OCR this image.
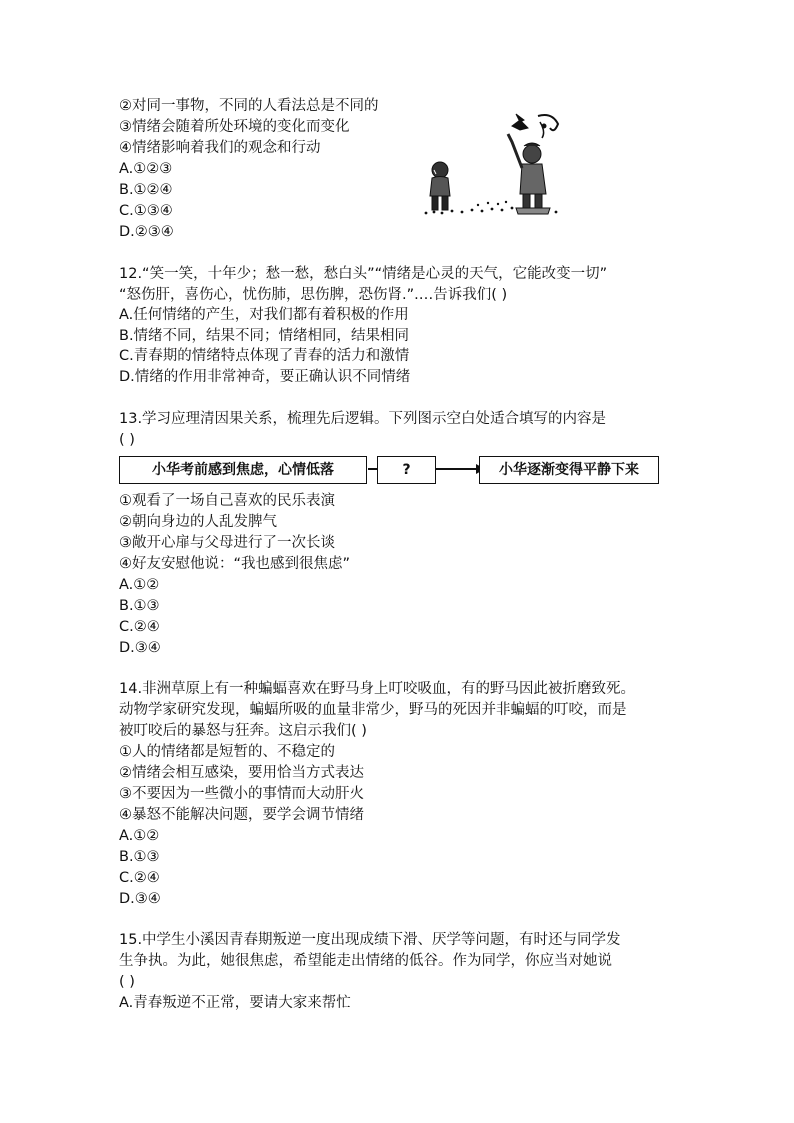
②对同一事物，不同的人看法总是不同的
③情绪会随着所处环境的变化而变化
④情绪影响着我们的观念和行动
A.①②③
B.①②④
C.①③④
D.②③④
12.“笑一笑，十年少；愁一愁，愁白头”“情绪是心灵的天气，它能改变一切”
“怒伤肝，喜伤心，忧伤肺，思伤脾，恐伤肾.”.…告诉我们( )
A.任何情绪的产生，对我们都有着积极的作用
B.情绪不同，结果不同；情绪相同，结果相同
C.青春期的情绪特点体现了青春的活力和激情
D.情绪的作用非常神奇，要正确认识不同情绪
13.学习应理清因果关系，梳理先后逻辑。下列图示空白处适合填写的内容是
( )
小华考前感到焦虑，心情低落	?	小华逐渐变得平静下来
①观看了一场自己喜欢的民乐表演
②朝向身边的人乱发脾气
③敞开心扉与父母进行了一次长谈
④好友安慰他说：“我也感到很焦虑”
A.①②
B.①③
C.②④
D.③④
14.非洲草原上有一种蝙蝠喜欢在野马身上叮咬吸血，有的野马因此被折磨致死。
动物学家研究发现，蝙蝠所吸的血量非常少，野马的死因并非蝙蝠的叮咬，而是
被叮咬后的暴怒与狂奔。这启示我们( )
①人的情绪都是短暂的、不稳定的
②情绪会相互感染，要用恰当方式表达
③不要因为一些微小的事情而大动肝火
④暴怒不能解决问题，要学会调节情绪
A.①②
B.①③
C.②④
D.③④
15.中学生小溪因青春期叛逆一度出现成绩下滑、厌学等问题，有时还与同学发
生争执。为此，她很焦虑，希望能走出情绪的低谷。作为同学，你应当对她说
( )
A.青春叛逆不正常，要请大家来帮忙
